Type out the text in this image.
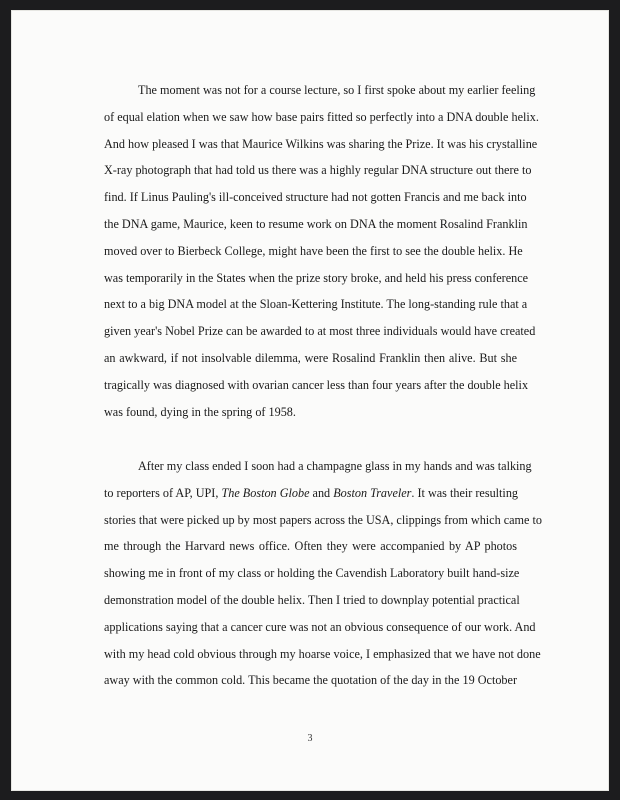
The moment was not for a course lecture, so I first spoke about my earlier feeling
of equal elation when we saw how base pairs fitted so perfectly into a DNA double helix.
And how pleased I was that Maurice Wilkins was sharing the Prize. It was his crystalline
X-ray photograph that had told us there was a highly regular DNA structure out there to
find. If Linus Pauling's ill-conceived structure had not gotten Francis and me back into
the DNA game, Maurice, keen to resume work on DNA the moment Rosalind Franklin
moved over to Bierbeck College, might have been the first to see the double helix. He
was temporarily in the States when the prize story broke, and held his press conference
next to a big DNA model at the Sloan-Kettering Institute. The long-standing rule that a
given year's Nobel Prize can be awarded to at most three individuals would have created
an awkward, if not insolvable dilemma, were Rosalind Franklin then alive. But she
tragically was diagnosed with ovarian cancer less than four years after the double helix
was found, dying in the spring of 1958.
After my class ended I soon had a champagne glass in my hands and was talking
to reporters of AP, UPI, The Boston Globe and Boston Traveler. It was their resulting
stories that were picked up by most papers across the USA, clippings from which came to
me through the Harvard news office. Often they were accompanied by AP photos
showing me in front of my class or holding the Cavendish Laboratory built hand-size
demonstration model of the double helix. Then I tried to downplay potential practical
applications saying that a cancer cure was not an obvious consequence of our work. And
with my head cold obvious through my hoarse voice, I emphasized that we have not done
away with the common cold. This became the quotation of the day in the 19 October
3
